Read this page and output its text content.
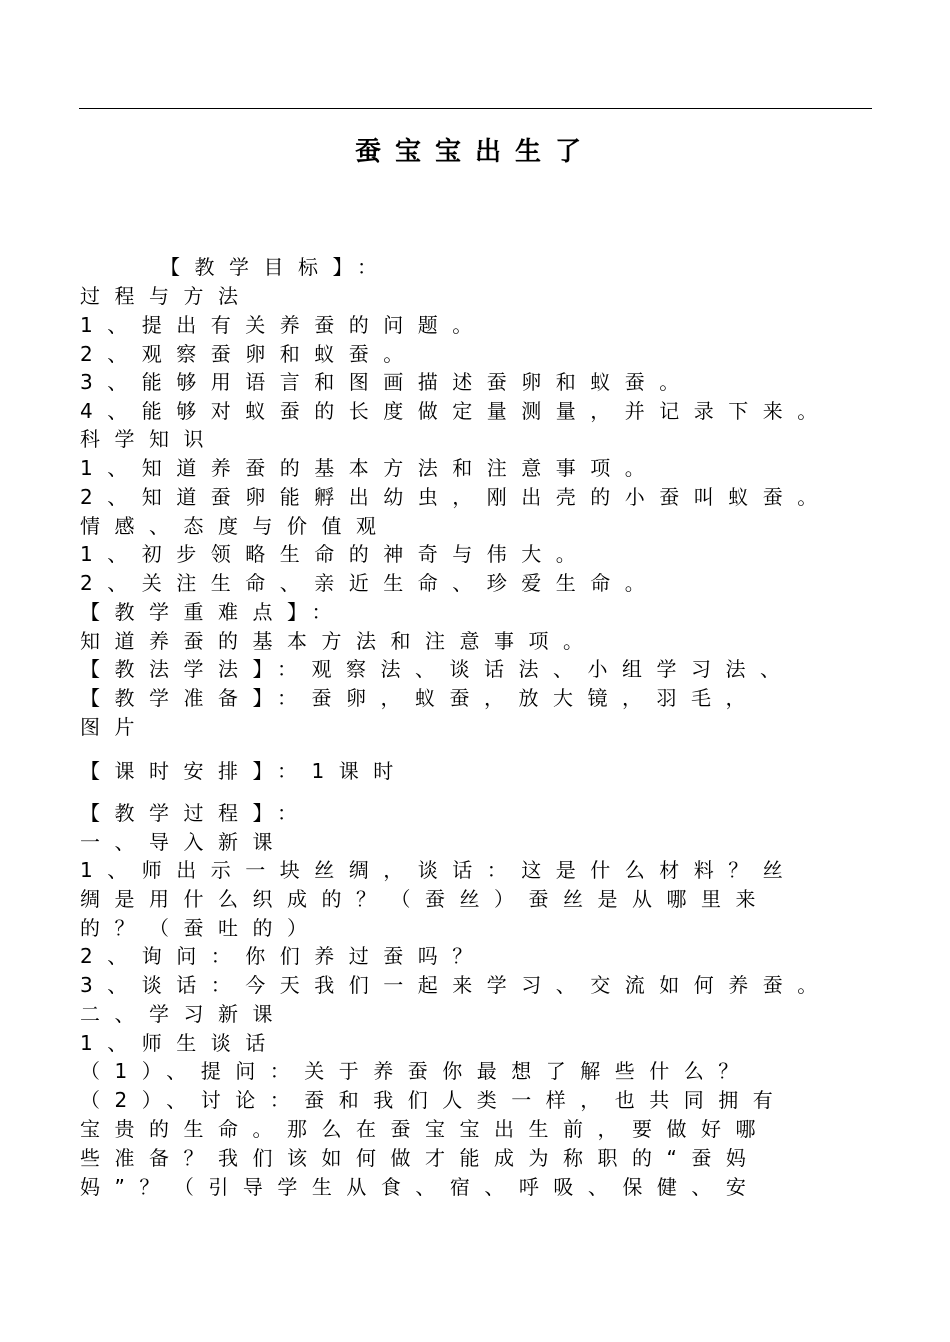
蚕宝宝出生了
【教学目标】：
过程与方法
1、提出有关养蚕的问题。
2、观察蚕卵和蚁蚕。
3、能够用语言和图画描述蚕卵和蚁蚕。
4、能够对蚁蚕的长度做定量测量，并记录下来。
科学知识
1、知道养蚕的基本方法和注意事项。
2、知道蚕卵能孵出幼虫，刚出壳的小蚕叫蚁蚕。
情感、态度与价值观
1、初步领略生命的神奇与伟大。
2、关注生命、亲近生命、珍爱生命。
【教学重难点】：
知道养蚕的基本方法和注意事项。
【教法学法】：观察法、谈话法、小组学习法、
【教学准备】：蚕卵，蚁蚕，放大镜，羽毛，
图片
【课时安排】：1课时
【教学过程】：
一、导入新课
1、师出示一块丝绸，谈话：这是什么材料？丝
绸是用什么织成的？（蚕丝）蚕丝是从哪里来
的？（蚕吐的）
2、询问：你们养过蚕吗？
3、谈话：今天我们一起来学习、交流如何养蚕。
二、学习新课
1、师生谈话
（1）、提问：关于养蚕你最想了解些什么？
（2）、讨论：蚕和我们人类一样，也共同拥有
宝贵的生命。那么在蚕宝宝出生前，要做好哪
些准备？我们该如何做才能成为称职的“蚕妈
妈”？（引导学生从食、宿、呼吸、保健、安
